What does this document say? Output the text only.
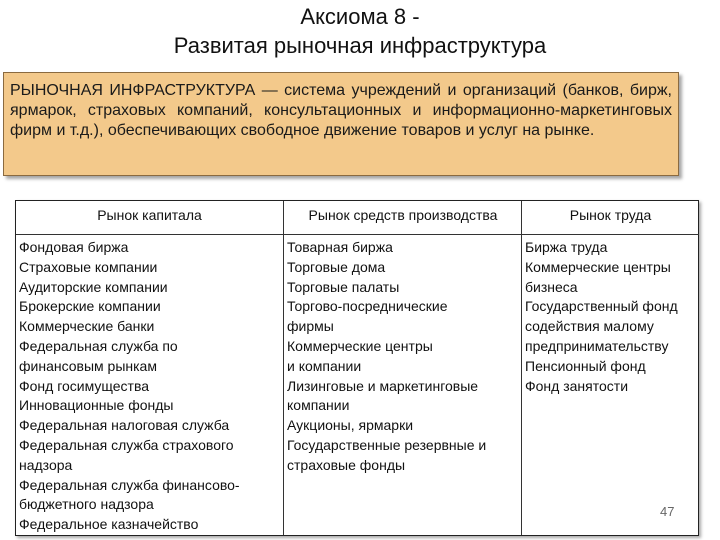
Аксиома 8 -
Развитая рыночная инфраструктура
РЫНОЧНАЯ ИНФРАСТРУКТУРА — система учреждений и организаций (банков, бирж, ярмарок, страховых компаний, консультационных и информационно-маркетинговых фирм и т.д.), обеспечивающих свободное движение товаров и услуг на рынке.
Рынок капитала
Фондовая биржа
Страховые компании
Аудиторские компании
Брокерские компании
Коммерческие банки
Федеральная служба по
финансовым рынкам
Фонд госимущества
Инновационные фонды
Федеральная налоговая служба
Федеральная служба страхового
надзора
Федеральная служба финансово-
бюджетного надзора
Федеральное казначейство
Рынок средств производства
Товарная биржа
Торговые дома
Торговые палаты
Торгово-посреднические
фирмы
Коммерческие центры
и компании
Лизинговые и маркетинговые
компании
Аукционы, ярмарки
Государственные резервные и
страховые фонды
Рынок труда
Биржа труда
Коммерческие центры
бизнеса
Государственный фонд
содействия малому
предпринимательству
Пенсионный фонд
Фонд занятости
47
